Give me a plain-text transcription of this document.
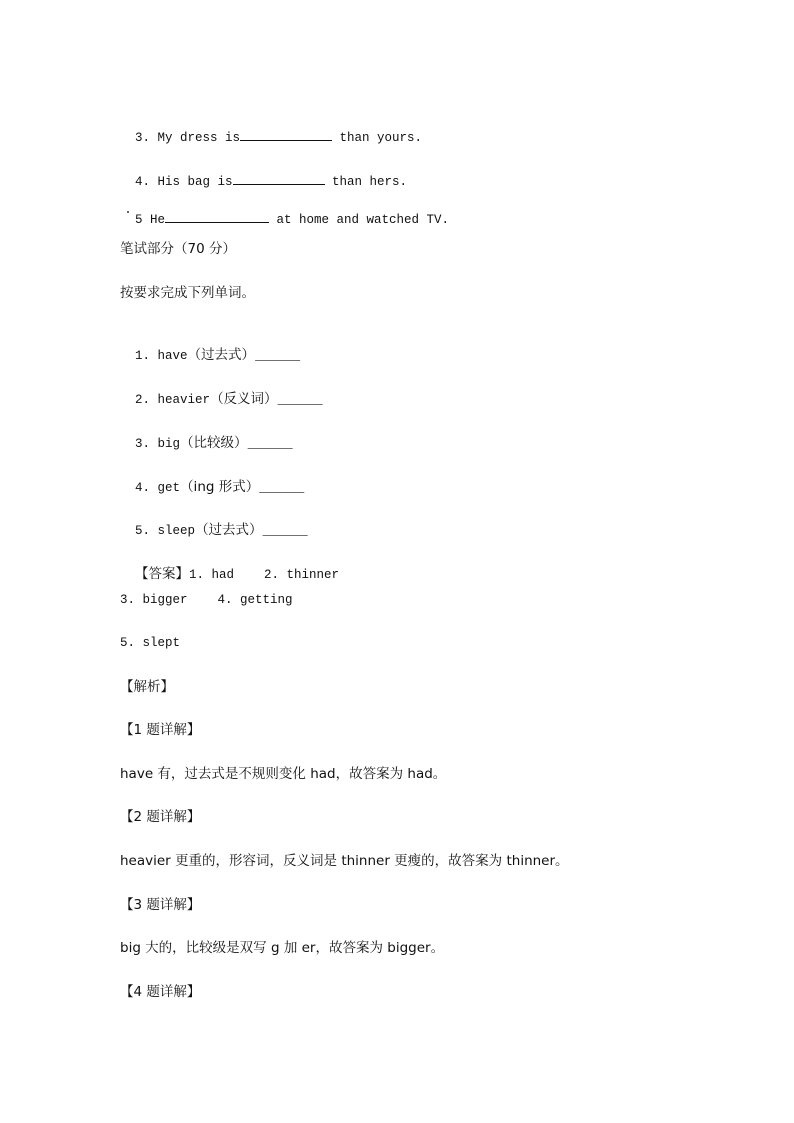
3. My dress is	than yours.

4. His bag is	than hers.

5 He	at home and watched TV.

笔试部分（70 分）
按要求完成下列单词。

1. have（过去式）______

2. heavier（反义词）______

3. big（比较级）______

4. get（ing 形式）______

5. sleep（过去式）______

【答案】1. had    2. thinner

3. bigger    4. getting
5. slept
【解析】
【1 题详解】
have 有，过去式是不规则变化 had，故答案为 had。
【2 题详解】
heavier 更重的，形容词，反义词是 thinner 更瘦的，故答案为 thinner。
【3 题详解】
big 大的，比较级是双写 g 加 er，故答案为 bigger。
【4 题详解】
